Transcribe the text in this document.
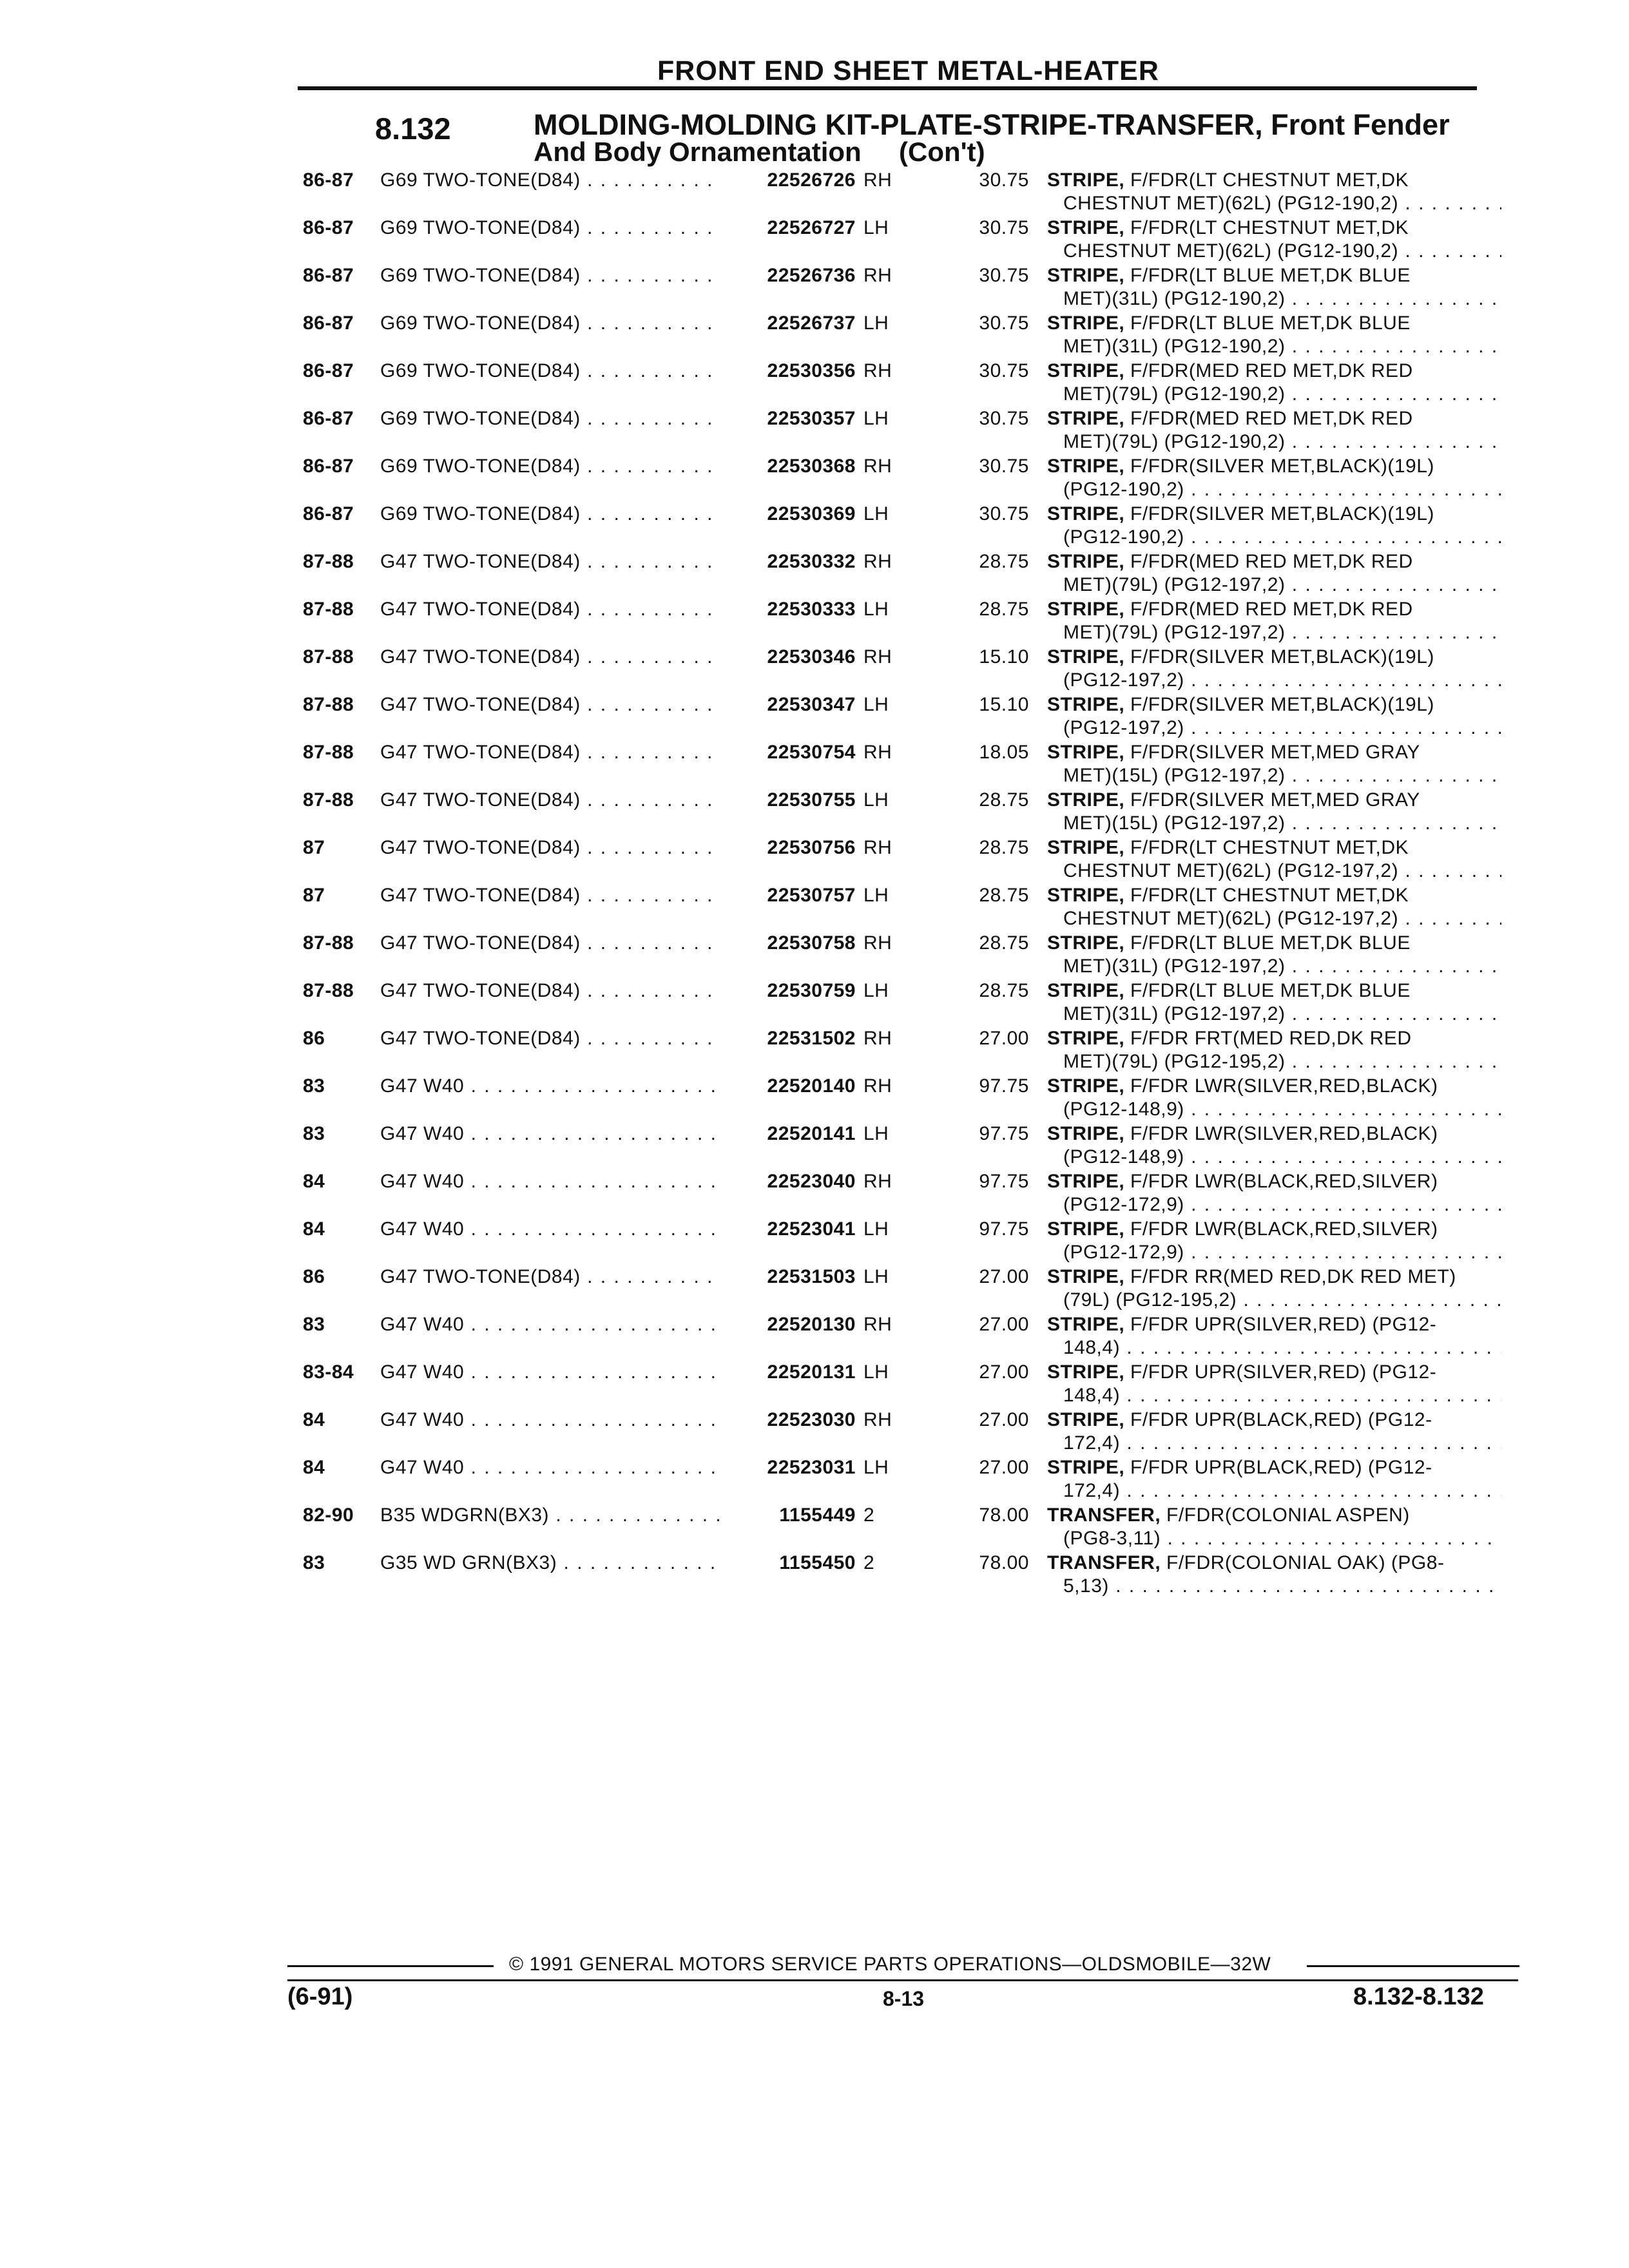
FRONT END SHEET METAL-HEATER
8.132	MOLDING-MOLDING KIT-PLATE-STRIPE-TRANSFER, Front Fender
And Body Ornamentation     (Con't)
86-87 G69 TWO-TONE(D84) . . .	22526726 RH	30.75 STRIPE, F/FDR(LT CHESTNUT MET,DK
CHESTNUT MET)(62L) (PG12-190,2) . . .
86-87 G69 TWO-TONE(D84) . . .	22526727 LH	30.75 STRIPE, F/FDR(LT CHESTNUT MET,DK
CHESTNUT MET)(62L) (PG12-190,2) . . .
86-87 G69 TWO-TONE(D84) . . .	22526736 RH	30.75 STRIPE, F/FDR(LT BLUE MET,DK BLUE
MET)(31L) (PG12-190,2) . . .
86-87 G69 TWO-TONE(D84) . . .	22526737 LH	30.75 STRIPE, F/FDR(LT BLUE MET,DK BLUE
MET)(31L) (PG12-190,2) . . .
86-87 G69 TWO-TONE(D84) . . .	22530356 RH	30.75 STRIPE, F/FDR(MED RED MET,DK RED
MET)(79L) (PG12-190,2) . . .
86-87 G69 TWO-TONE(D84) . . .	22530357 LH	30.75 STRIPE, F/FDR(MED RED MET,DK RED
MET)(79L) (PG12-190,2) . . .
86-87 G69 TWO-TONE(D84) . . .	22530368 RH	30.75 STRIPE, F/FDR(SILVER MET,BLACK)(19L)
(PG12-190,2) . . .
86-87 G69 TWO-TONE(D84) . . .	22530369 LH	30.75 STRIPE, F/FDR(SILVER MET,BLACK)(19L)
(PG12-190,2) . . .
87-88 G47 TWO-TONE(D84) . . .	22530332 RH	28.75 STRIPE, F/FDR(MED RED MET,DK RED
MET)(79L) (PG12-197,2) . . .
87-88 G47 TWO-TONE(D84) . . .	22530333 LH	28.75 STRIPE, F/FDR(MED RED MET,DK RED
MET)(79L) (PG12-197,2) . . .
87-88 G47 TWO-TONE(D84) . . .	22530346 RH	15.10 STRIPE, F/FDR(SILVER MET,BLACK)(19L)
(PG12-197,2) . . .
87-88 G47 TWO-TONE(D84) . . .	22530347 LH	15.10 STRIPE, F/FDR(SILVER MET,BLACK)(19L)
(PG12-197,2) . . .
87-88 G47 TWO-TONE(D84) . . .	22530754 RH	18.05 STRIPE, F/FDR(SILVER MET,MED GRAY
MET)(15L) (PG12-197,2) . . .
87-88 G47 TWO-TONE(D84) . . .	22530755 LH	28.75 STRIPE, F/FDR(SILVER MET,MED GRAY
MET)(15L) (PG12-197,2) . . .
87	G47 TWO-TONE(D84) . . .	22530756 RH	28.75 STRIPE, F/FDR(LT CHESTNUT MET,DK
CHESTNUT MET)(62L) (PG12-197,2) . . .
87	G47 TWO-TONE(D84) . . .	22530757 LH	28.75 STRIPE, F/FDR(LT CHESTNUT MET,DK
CHESTNUT MET)(62L) (PG12-197,2) . . .
87-88 G47 TWO-TONE(D84) . . .	22530758 RH	28.75 STRIPE, F/FDR(LT BLUE MET,DK BLUE
MET)(31L) (PG12-197,2) . . .
87-88 G47 TWO-TONE(D84) . . .	22530759 LH	28.75 STRIPE, F/FDR(LT BLUE MET,DK BLUE
MET)(31L) (PG12-197,2) . . .
86	G47 TWO-TONE(D84) . . .	22531502 RH	27.00 STRIPE, F/FDR FRT(MED RED,DK RED
MET)(79L) (PG12-195,2) . . .
83	G47 W40 . . .	22520140 RH	97.75 STRIPE, F/FDR LWR(SILVER,RED,BLACK)
(PG12-148,9) . . .
83	G47 W40 . . .	22520141 LH	97.75 STRIPE, F/FDR LWR(SILVER,RED,BLACK)
(PG12-148,9) . . .
84	G47 W40 . . .	22523040 RH	97.75 STRIPE, F/FDR LWR(BLACK,RED,SILVER)
(PG12-172,9) . . .
84	G47 W40 . . .	22523041 LH	97.75 STRIPE, F/FDR LWR(BLACK,RED,SILVER)
(PG12-172,9) . . .
86	G47 TWO-TONE(D84) . . .	22531503 LH	27.00 STRIPE, F/FDR RR(MED RED,DK RED MET)
(79L) (PG12-195,2) . . .
83	G47 W40 . . .	22520130 RH	27.00 STRIPE, F/FDR UPR(SILVER,RED) (PG12-
148,4) . . .
83-84 G47 W40 . . .	22520131 LH	27.00 STRIPE, F/FDR UPR(SILVER,RED) (PG12-
148,4) . . .
84	G47 W40 . . .	22523030 RH	27.00 STRIPE, F/FDR UPR(BLACK,RED) (PG12-
172,4) . . .
84	G47 W40 . . .	22523031 LH	27.00 STRIPE, F/FDR UPR(BLACK,RED) (PG12-
172,4) . . .
82-90 B35 WDGRN(BX3) . . .	1155449 2	78.00 TRANSFER, F/FDR(COLONIAL ASPEN)
(PG8-3,11) . . .
83	G35 WD GRN(BX3) . . .	1155450 2	78.00 TRANSFER, F/FDR(COLONIAL OAK) (PG8-
5,13) . . .
© 1991 GENERAL MOTORS SERVICE PARTS OPERATIONS—OLDSMOBILE—32W
(6-91)	8-13	8.132-8.132
